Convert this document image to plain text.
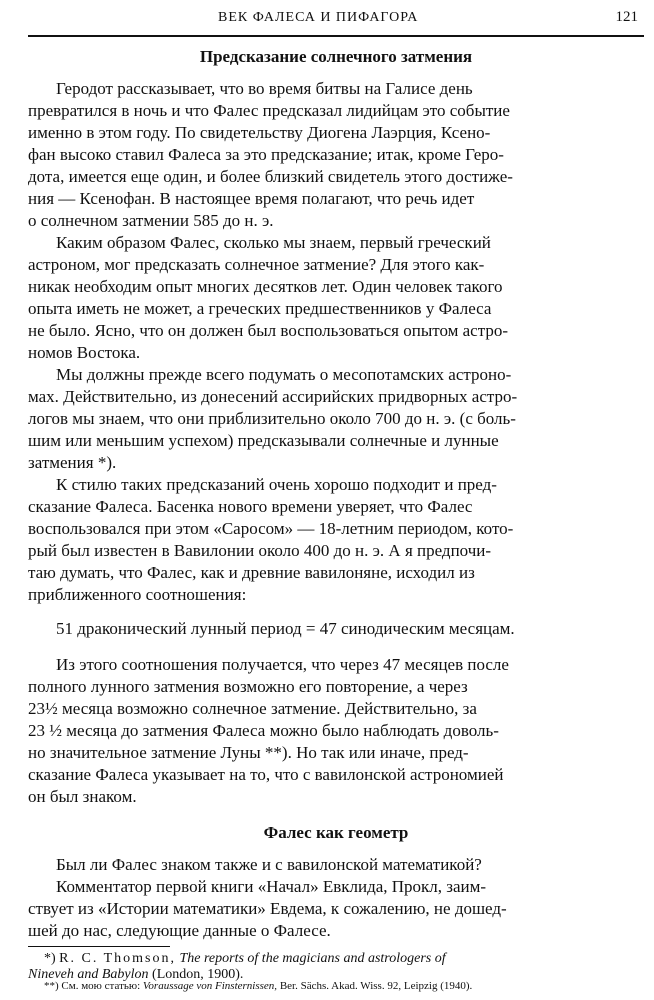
ВЕК ФАЛЕСА И ПИФАГОРА	121
Предсказание солнечного затмения
Геродот рассказывает, что во время битвы на Галисе день
превратился в ночь и что Фалес предсказал лидийцам это событие
именно в этом году. По свидетельству Диогена Лаэрция, Ксено-
фан высоко ставил Фалеса за это предсказание; итак, кроме Геро-
дота, имеется еще один, и более близкий свидетель этого достиже-
ния — Ксенофан. В настоящее время полагают, что речь идет
о солнечном затмении 585 до н. э.
Каким образом Фалес, сколько мы знаем, первый греческий
астроном, мог предсказать солнечное затмение? Для этого как-
никак необходим опыт многих десятков лет. Один человек такого
опыта иметь не может, а греческих предшественников у Фалеса
не было. Ясно, что он должен был воспользоваться опытом астро-
номов Востока.
Мы должны прежде всего подумать о месопотамских астроно-
мах. Действительно, из донесений ассирийских придворных астро-
логов мы знаем, что они приблизительно около 700 до н. э. (с боль-
шим или меньшим успехом) предсказывали солнечные и лунные
затмения *).
К стилю таких предсказаний очень хорошо подходит и пред-
сказание Фалеса. Басенка нового времени уверяет, что Фалес
воспользовался при этом «Саросом» — 18-летним периодом, кото-
рый был известен в Вавилонии около 400 до н. э. А я предпочи-
таю думать, что Фалес, как и древние вавилоняне, исходил из
приближенного соотношения:
51 драконический лунный период = 47 синодическим месяцам.
Из этого соотношения получается, что через 47 месяцев после
полного лунного затмения возможно его повторение, а через
23½ месяца возможно солнечное затмение. Действительно, за
23 ½ месяца до затмения Фалеса можно было наблюдать доволь-
но значительное затмение Луны **). Но так или иначе, пред-
сказание Фалеса указывает на то, что с вавилонской астрономией
он был знаком.
Фалес как геометр
Был ли Фалес знаком также и с вавилонской математикой?
Комментатор первой книги «Начал» Евклида, Прокл, заим-
ствует из «Истории математики» Евдема, к сожалению, не дошед-
шей до нас, следующие данные о Фалесе.
*) R. C. Thomson, The reports of the magicians and astrologers of
Nineveh and Babylon (London, 1900).
**) См. мою статью: Voraussage von Finsternissen, Ber. Sächs. Akad. Wiss. 92, Leipzig (1940).
